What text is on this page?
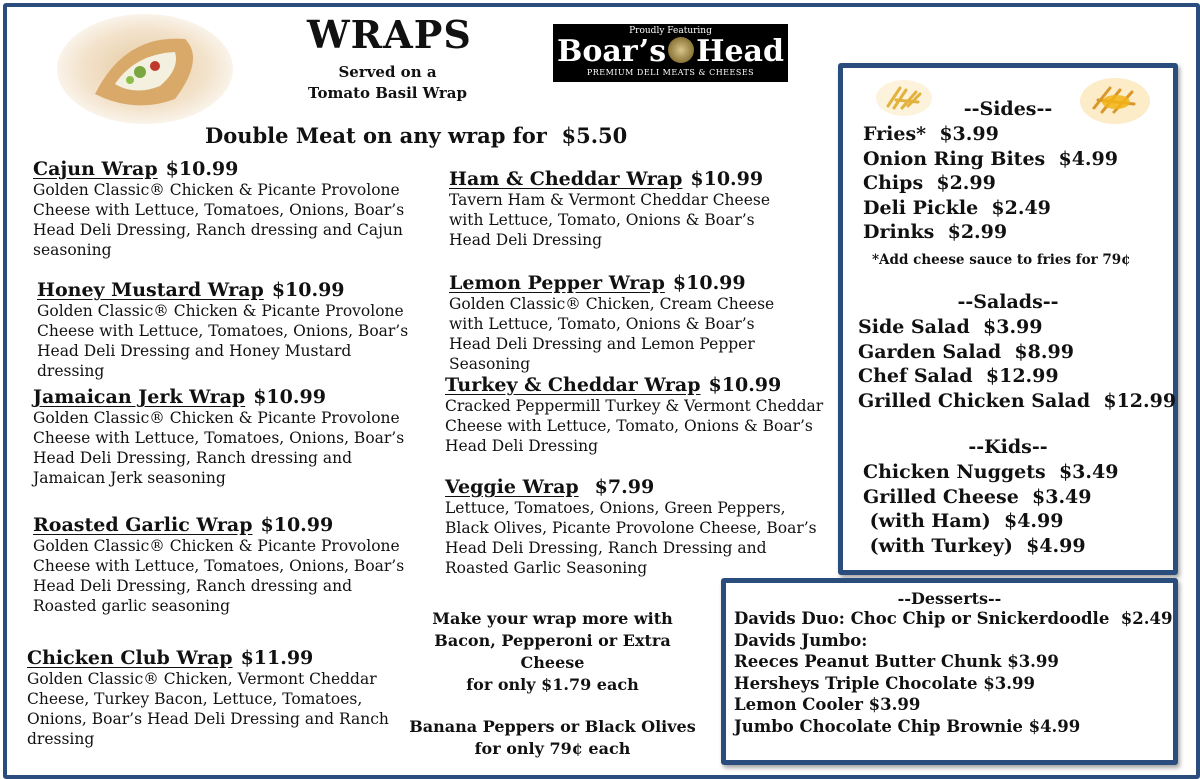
WRAPS
Served on a
Tomato Basil Wrap
Proudly Featuring
Boar’s Head
PREMIUM DELI MEATS & CHEESES
Double Meat on any wrap for  $5.50
Cajun Wrap $10.99
Golden Classic® Chicken & Picante Provolone Cheese with Lettuce, Tomatoes, Onions, Boar’s Head Deli Dressing, Ranch dressing and Cajun seasoning
Honey Mustard Wrap $10.99
Golden Classic® Chicken & Picante Provolone Cheese with Lettuce, Tomatoes, Onions, Boar’s Head Deli Dressing and Honey Mustard dressing
Jamaican Jerk Wrap $10.99
Golden Classic® Chicken & Picante Provolone Cheese with Lettuce, Tomatoes, Onions, Boar’s Head Deli Dressing, Ranch dressing and Jamaican Jerk seasoning
Roasted Garlic Wrap $10.99
Golden Classic® Chicken & Picante Provolone Cheese with Lettuce, Tomatoes, Onions, Boar’s Head Deli Dressing, Ranch dressing and Roasted garlic seasoning
Chicken Club Wrap $11.99
Golden Classic® Chicken, Vermont Cheddar Cheese, Turkey Bacon, Lettuce, Tomatoes, Onions, Boar’s Head Deli Dressing and Ranch dressing
Ham & Cheddar Wrap $10.99
Tavern Ham & Vermont Cheddar Cheese with Lettuce, Tomato, Onions & Boar’s Head Deli Dressing
Lemon Pepper Wrap $10.99
Golden Classic® Chicken, Cream Cheese with Lettuce, Tomato, Onions & Boar’s Head Deli Dressing and Lemon Pepper Seasoning
Turkey & Cheddar Wrap $10.99
Cracked Peppermill Turkey & Vermont Cheddar Cheese with Lettuce, Tomato, Onions & Boar’s Head Deli Dressing
Veggie Wrap $7.99
Lettuce, Tomatoes, Onions, Green Peppers, Black Olives, Picante Provolone Cheese, Boar’s Head Deli Dressing, Ranch Dressing and Roasted Garlic Seasoning
Make your wrap more with
Bacon, Pepperoni or Extra
Cheese
for only $1.79 each
Banana Peppers or Black Olives
for only 79¢ each
--Sides--
Fries*  $3.99
Onion Ring Bites  $4.99
Chips  $2.99
Deli Pickle  $2.49
Drinks  $2.99
*Add cheese sauce to fries for 79¢
--Salads--
Side Salad  $3.99
Garden Salad  $8.99
Chef Salad  $12.99
Grilled Chicken Salad  $12.99
--Kids--
Chicken Nuggets  $3.49
Grilled Cheese  $3.49
(with Ham)  $4.99
(with Turkey)  $4.99
--Desserts--
Davids Duo: Choc Chip or Snickerdoodle  $2.49
Davids Jumbo:
Reeces Peanut Butter Chunk $3.99
Hersheys Triple Chocolate $3.99
Lemon Cooler $3.99
Jumbo Chocolate Chip Brownie $4.99
